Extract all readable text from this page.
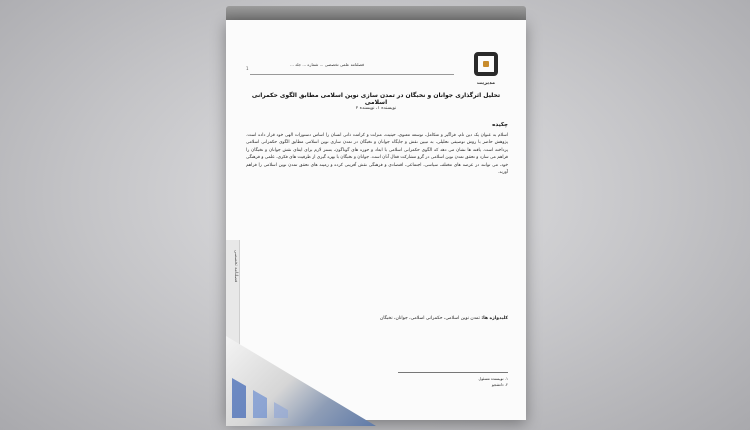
مدیریت
فصلنامه علمی تخصصی ... شماره ... جلد ...
1
تحلیل اثرگذاری جوانان و نخبگان در تمدن سازی نوین اسلامی مطابق الگوی حکمرانی اسلامی
نویسنده ۱، نویسنده ۲
چکیده
اسلام به عنوان یک دین تام، فراگیر و متکامل، توسعه معنوی، حیثیت، منزلت و کرامت ذاتی انسان را اساس دستورات الهی خود قرار داده است. پژوهش حاضر با روش توصیفی تحلیلی، به تبیین نقش و جایگاه جوانان و نخبگان در تمدن سازی نوین اسلامی مطابق الگوی حکمرانی اسلامی پرداخته است. یافته ها نشان می دهد که الگوی حکمرانی اسلامی با ابعاد و حوزه های گوناگون، بستر لازم برای ایفای نقش جوانان و نخبگان را فراهم می سازد و تحقق تمدن نوین اسلامی در گرو مشارکت فعال آنان است. جوانان و نخبگان با بهره گیری از ظرفیت های فکری، علمی و فرهنگی خود، می توانند در عرصه های مختلف سیاسی، اجتماعی، اقتصادی و فرهنگی نقش آفرینی کرده و زمینه های تحقق تمدن نوین اسلامی را فراهم آورند.
کلیدواژه ها: تمدن نوین اسلامی، حکمرانی اسلامی، جوانان، نخبگان
۱. نویسنده مسئول
۲. دانشجو
فصلنامه تخصصی
